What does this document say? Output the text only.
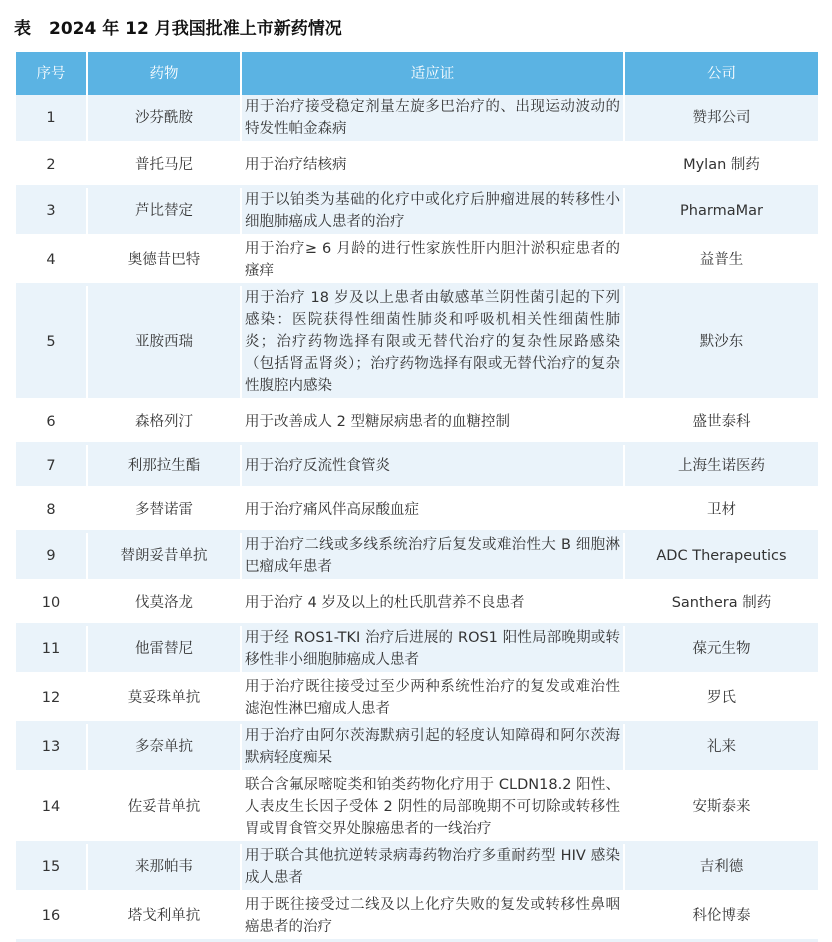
表 2024 年 12 月我国批准上市新药情况
序号	药物	适应证	公司
1	沙芬酰胺	用于治疗接受稳定剂量左旋多巴治疗的、出现运动波动的特发性帕金森病	赞邦公司
2	普托马尼	用于治疗结核病	Mylan 制药
3	芦比替定	用于以铂类为基础的化疗中或化疗后肿瘤进展的转移性小细胞肺癌成人患者的治疗	PharmaMar
4	奥德昔巴特	用于治疗≥ 6 月龄的进行性家族性肝内胆汁淤积症患者的瘙痒	益普生
5	亚胺西瑞	用于治疗 18 岁及以上患者由敏感革兰阴性菌引起的下列感染：医院获得性细菌性肺炎和呼吸机相关性细菌性肺炎；治疗药物选择有限或无替代治疗的复杂性尿路感染（包括肾盂肾炎）；治疗药物选择有限或无替代治疗的复杂性腹腔内感染	默沙东
6	森格列汀	用于改善成人 2 型糖尿病患者的血糖控制	盛世泰科
7	利那拉生酯	用于治疗反流性食管炎	上海生诺医药
8	多替诺雷	用于治疗痛风伴高尿酸血症	卫材
9	替朗妥昔单抗	用于治疗二线或多线系统治疗后复发或难治性大 B 细胞淋巴瘤成年患者	ADC Therapeutics
10	伐莫洛龙	用于治疗 4 岁及以上的杜氏肌营养不良患者	Santhera 制药
11	他雷替尼	用于经 ROS1-TKI 治疗后进展的 ROS1 阳性局部晚期或转移性非小细胞肺癌成人患者	葆元生物
12	莫妥珠单抗	用于治疗既往接受过至少两种系统性治疗的复发或难治性滤泡性淋巴瘤成人患者	罗氏
13	多奈单抗	用于治疗由阿尔茨海默病引起的轻度认知障碍和阿尔茨海默病轻度痴呆	礼来
14	佐妥昔单抗	联合含氟尿嘧啶类和铂类药物化疗用于 CLDN18.2 阳性、人表皮生长因子受体 2 阴性的局部晚期不可切除或转移性胃或胃食管交界处腺癌患者的一线治疗	安斯泰来
15	来那帕韦	用于联合其他抗逆转录病毒药物治疗多重耐药型 HIV 感染成人患者	吉利德
16	塔戈利单抗	用于既往接受过二线及以上化疗失败的复发或转移性鼻咽癌患者的治疗	科伦博泰
